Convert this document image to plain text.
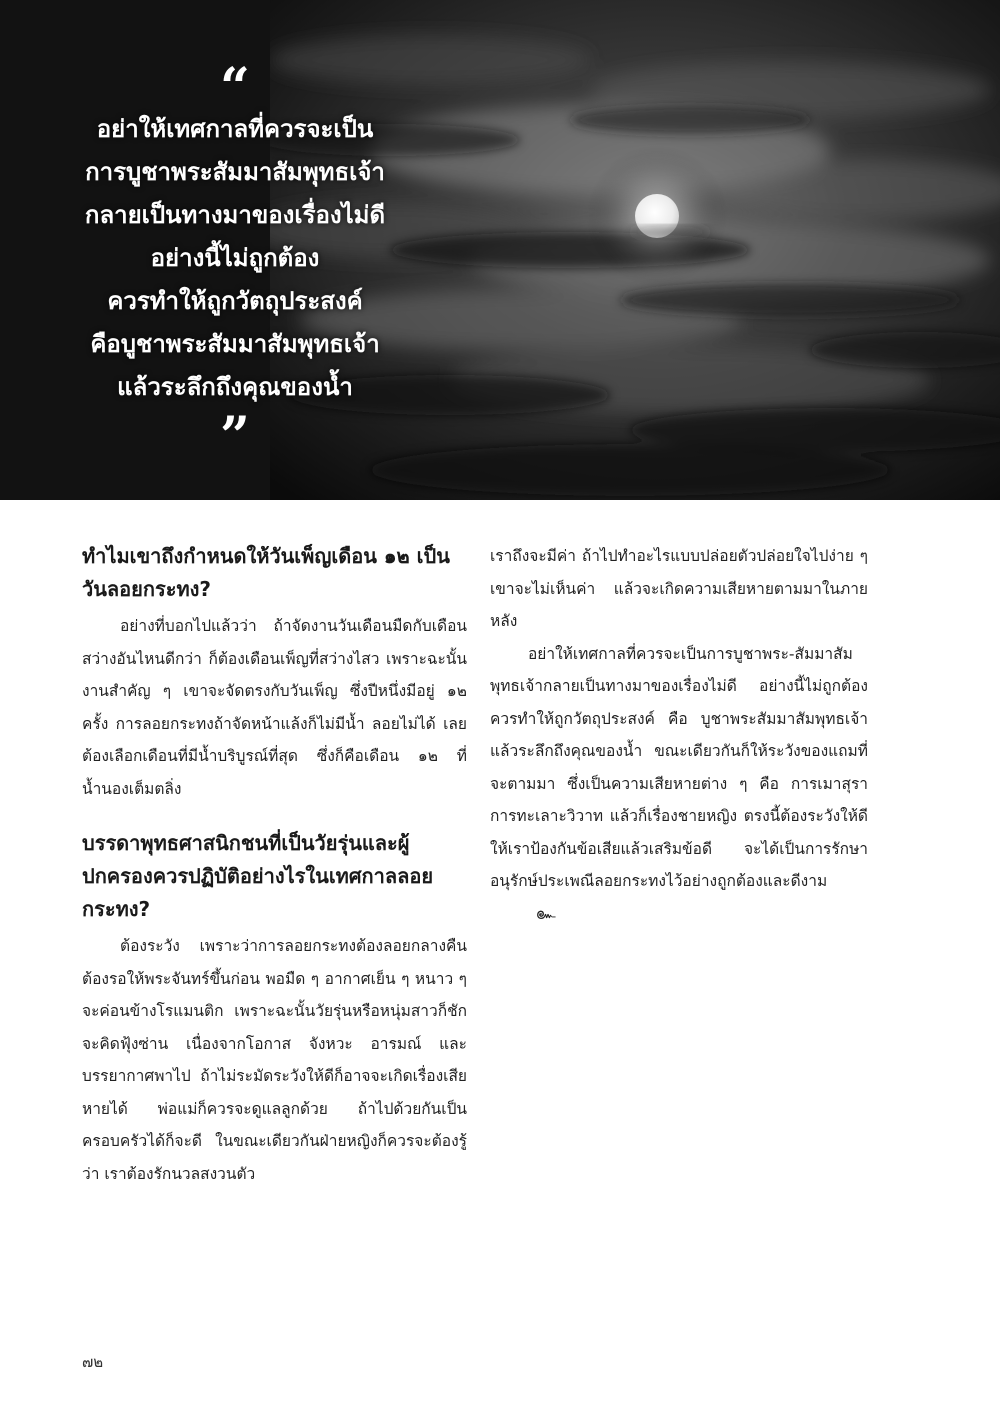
“
อย่าให้เทศกาลที่ควรจะเป็น
การบูชาพระสัมมาสัมพุทธเจ้า
กลายเป็นทางมาของเรื่องไม่ดี
อย่างนี้ไม่ถูกต้อง
ควรทำให้ถูกวัตถุประสงค์
คือบูชาพระสัมมาสัมพุทธเจ้า
แล้วระลึกถึงคุณของน้ำ
”
ทำไมเขาถึงกำหนดให้วันเพ็ญเดือน ๑๒ เป็นวันลอยกระทง?

อย่างที่บอกไปแล้วว่า ถ้าจัดงานวันเดือนมืดกับเดือนสว่างอันไหนดีกว่า ก็ต้องเดือนเพ็ญที่สว่างไสว เพราะฉะนั้นงานสำคัญ ๆ เขาจะจัดตรงกับวันเพ็ญ ซึ่งปีหนึ่งมีอยู่ ๑๒ ครั้ง การลอยกระทงถ้าจัดหน้าแล้งก็ไม่มีน้ำ ลอยไม่ได้ เลยต้องเลือกเดือนที่มีน้ำบริบูรณ์ที่สุด ซึ่งก็คือเดือน ๑๒ ที่น้ำนองเต็มตลิ่ง

บรรดาพุทธศาสนิกชนที่เป็นวัยรุ่นและผู้ปกครองควรปฏิบัติอย่างไรในเทศกาลลอยกระทง?

ต้องระวัง เพราะว่าการลอยกระทงต้องลอยกลางคืน ต้องรอให้พระจันทร์ขึ้นก่อน พอมืด ๆ อากาศเย็น ๆ หนาว ๆ จะค่อนข้างโรแมนติก เพราะฉะนั้นวัยรุ่นหรือหนุ่มสาวก็ชักจะคิดฟุ้งซ่าน เนื่องจากโอกาส จังหวะ อารมณ์ และบรรยากาศพาไป ถ้าไม่ระมัดระวังให้ดีก็อาจจะเกิดเรื่องเสียหายได้ พ่อแม่ก็ควรจะดูแลลูกด้วย ถ้าไปด้วยกันเป็นครอบครัวได้ก็จะดี ในขณะเดียวกันฝ่ายหญิงก็ควรจะต้องรู้ว่า เราต้องรักนวลสงวนตัว

เราถึงจะมีค่า ถ้าไปทำอะไรแบบปล่อยตัวปล่อยใจไปง่าย ๆ เขาจะไม่เห็นค่า แล้วจะเกิดความเสียหายตามมาในภายหลัง

อย่าให้เทศกาลที่ควรจะเป็นการบูชาพระ-สัมมาสัมพุทธเจ้ากลายเป็นทางมาของเรื่องไม่ดี อย่างนี้ไม่ถูกต้อง ควรทำให้ถูกวัตถุประสงค์ คือ บูชาพระสัมมาสัมพุทธเจ้า แล้วระลึกถึงคุณของน้ำ ขณะเดียวกันก็ให้ระวังของแถมที่จะตามมา ซึ่งเป็นความเสียหายต่าง ๆ คือ การเมาสุรา การทะเลาะวิวาท แล้วก็เรื่องชายหญิง ตรงนี้ต้องระวังให้ดี ให้เราป้องกันข้อเสียแล้วเสริมข้อดี จะได้เป็นการรักษาอนุรักษ์ประเพณีลอยกระทงไว้อย่างถูกต้องและดีงาม๛

๗๒
